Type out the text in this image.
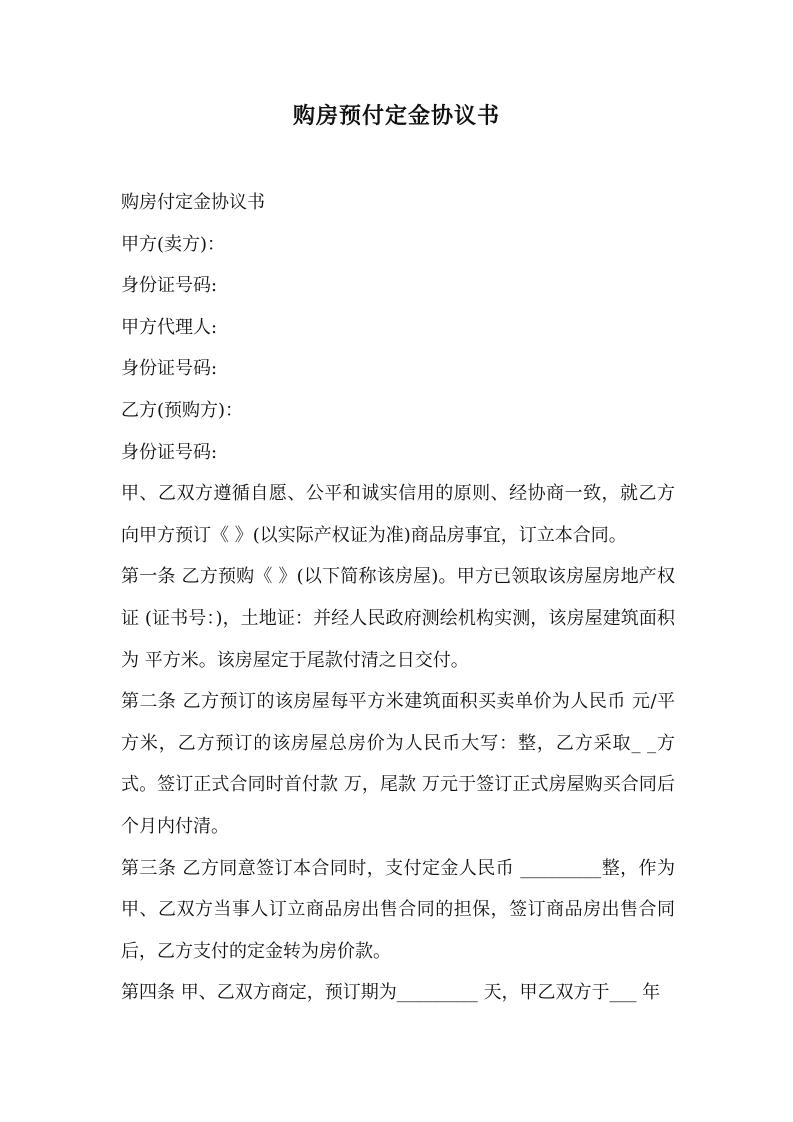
购房预付定金协议书

购房付定金协议书

甲方(卖方)：

身份证号码:

甲方代理人:

身份证号码:

乙方(预购方)：

身份证号码:

甲、乙双方遵循自愿、公平和诚实信用的原则、经协商一致，就乙方向甲方预订《 》(以实际产权证为准)商品房事宜，订立本合同。

第一条 乙方预购《 》(以下简称该房屋)。甲方已领取该房屋房地产权证 (证书号：)，土地证：并经人民政府测绘机构实测，该房屋建筑面积为 平方米。该房屋定于尾款付清之日交付。

第二条 乙方预订的该房屋每平方米建筑面积买卖单价为人民币 元/平方米，乙方预订的该房屋总房价为人民币大写：整，乙方采取_ _方式。签订正式合同时首付款 万，尾款 万元于签订正式房屋购买合同后 个月内付清。

第三条 乙方同意签订本合同时，支付定金人民币 _________整，作为甲、乙双方当事人订立商品房出售合同的担保，签订商品房出售合同后，乙方支付的定金转为房价款。

第四条 甲、乙双方商定，预订期为_________ 天，甲乙双方于___ 年
